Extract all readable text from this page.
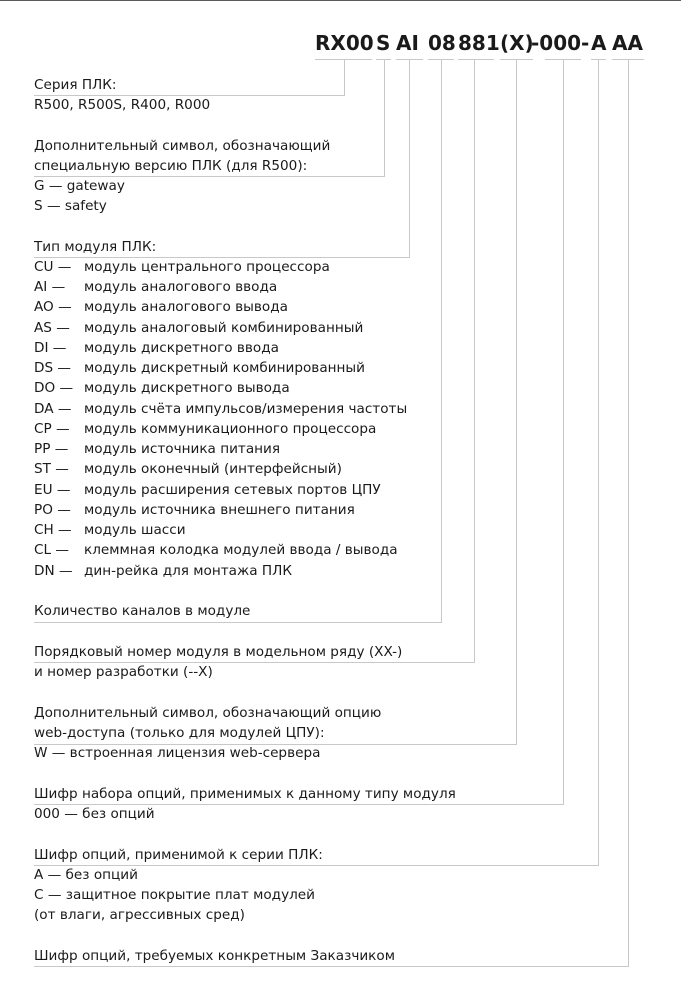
RX00 S AI 08 881 (X)
-000- A AA
Серия ПЛК:
R500, R500S, R400, R000
Дополнительный символ, обозначающий
специальную версию ПЛК (для R500):
G — gateway
S — safety
Тип модуля ПЛК:
CU — модуль центрального процессора
AI — модуль аналогового ввода
AO — модуль аналогового вывода
AS — модуль аналоговый комбинированный
DI — модуль дискретного ввода
DS — модуль дискретный комбинированный
DO — модуль дискретного вывода
DA — модуль счёта импульсов/измерения частоты
CP — модуль коммуникационного процессора
PP — модуль источника питания
ST — модуль оконечный (интерфейсный)
EU — модуль расширения сетевых портов ЦПУ
PO — модуль источника внешнего питания
CH — модуль шасси
CL — клеммная колодка модулей ввода / вывода
DN — дин-рейка для монтажа ПЛК
Количество каналов в модуле
Порядковый номер модуля в модельном ряду (XX-)
и номер разработки (--X)
Дополнительный символ, обозначающий опцию
web-доступа (только для модулей ЦПУ):
W — встроенная лицензия web-сервера
Шифр набора опций, применимых к данному типу модуля
000 — без опций
Шифр опций, применимой к серии ПЛК:
A — без опций
C — защитное покрытие плат модулей
(от влаги, агрессивных сред)
Шифр опций, требуемых конкретным Заказчиком
